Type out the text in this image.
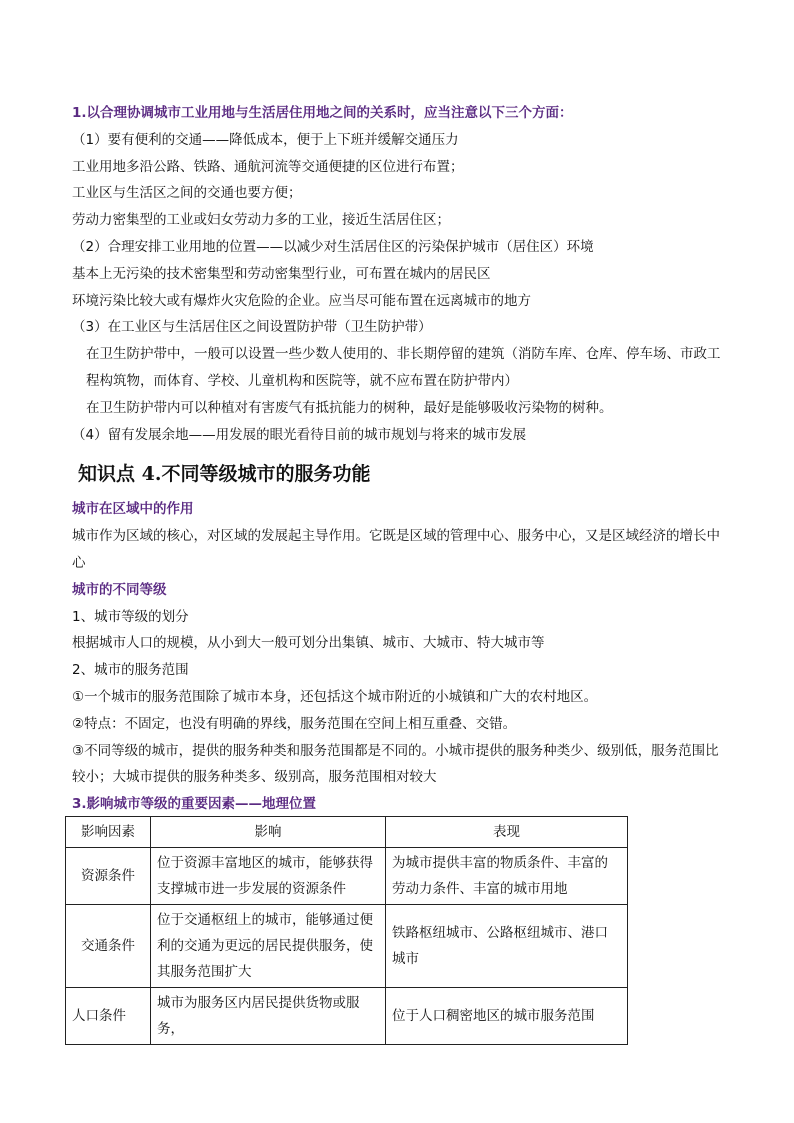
1.以合理协调城市工业用地与生活居住用地之间的关系时，应当注意以下三个方面：
（1）要有便利的交通——降低成本，便于上下班并缓解交通压力
工业用地多沿公路、铁路、通航河流等交通便捷的区位进行布置；
工业区与生活区之间的交通也要方便；
劳动力密集型的工业或妇女劳动力多的工业，接近生活居住区；
（2）合理安排工业用地的位置——以减少对生活居住区的污染保护城市（居住区）环境
基本上无污染的技术密集型和劳动密集型行业，可布置在城内的居民区
环境污染比较大或有爆炸火灾危险的企业。应当尽可能布置在远离城市的地方
（3）在工业区与生活居住区之间设置防护带（卫生防护带）
在卫生防护带中，一般可以设置一些少数人使用的、非长期停留的建筑（消防车库、仓库、停车场、市政工程构筑物，而体育、学校、儿童机构和医院等，就不应布置在防护带内）
在卫生防护带内可以种植对有害废气有抵抗能力的树种，最好是能够吸收污染物的树种。
（4）留有发展余地——用发展的眼光看待目前的城市规划与将来的城市发展
知识点 4.不同等级城市的服务功能
城市在区域中的作用
城市作为区域的核心，对区域的发展起主导作用。它既是区域的管理中心、服务中心，又是区域经济的增长中心
城市的不同等级
1、城市等级的划分
根据城市人口的规模，从小到大一般可划分出集镇、城市、大城市、特大城市等
2、城市的服务范围
①一个城市的服务范围除了城市本身，还包括这个城市附近的小城镇和广大的农村地区。
②特点：不固定，也没有明确的界线，服务范围在空间上相互重叠、交错。
③不同等级的城市，提供的服务种类和服务范围都是不同的。小城市提供的服务种类少、级别低，服务范围比较小；大城市提供的服务种类多、级别高，服务范围相对较大
3.影响城市等级的重要因素——地理位置
影响因素	影响	表现
资源条件	位于资源丰富地区的城市，能够获得支撑城市进一步发展的资源条件	为城市提供丰富的物质条件、丰富的劳动力条件、丰富的城市用地
交通条件	位于交通枢纽上的城市，能够通过便利的交通为更远的居民提供服务，使其服务范围扩大	铁路枢纽城市、公路枢纽城市、港口城市
人口条件	城市为服务区内居民提供货物或服务，	位于人口稠密地区的城市服务范围
